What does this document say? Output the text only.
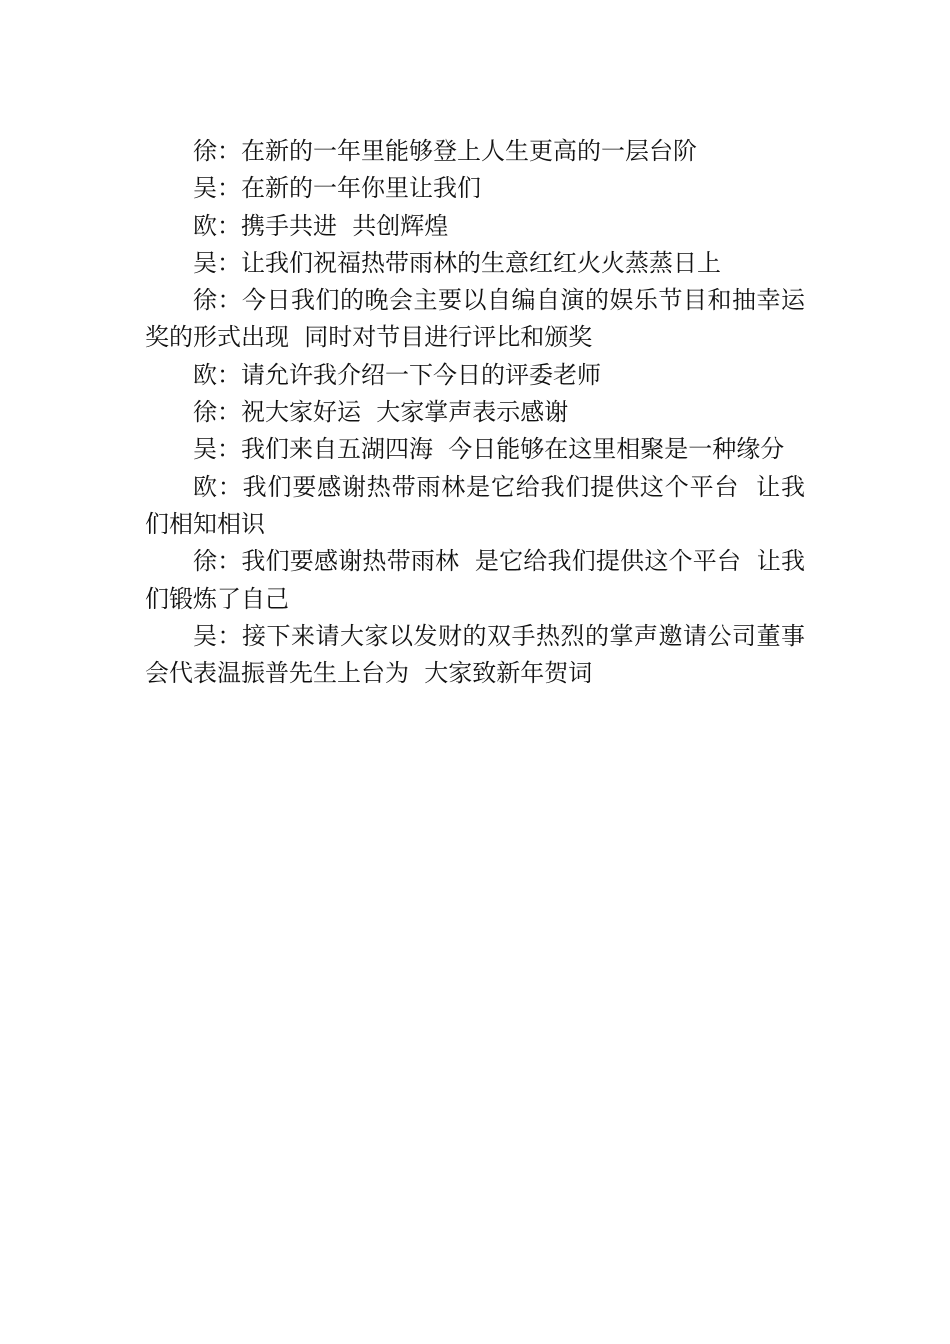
徐：在新的一年里能够登上人生更高的一层台阶

吴：在新的一年你里让我们

欧：携手共进  共创辉煌

吴：让我们祝福热带雨林的生意红红火火蒸蒸日上

徐：今日我们的晚会主要以自编自演的娱乐节目和抽幸运奖的形式出现  同时对节目进行评比和颁奖

欧：请允许我介绍一下今日的评委老师

徐：祝大家好运  大家掌声表示感谢

吴：我们来自五湖四海  今日能够在这里相聚是一种缘分

欧：我们要感谢热带雨林是它给我们提供这个平台  让我们相知相识

徐：我们要感谢热带雨林  是它给我们提供这个平台  让我们锻炼了自己

吴：接下来请大家以发财的双手热烈的掌声邀请公司董事会代表温振普先生上台为  大家致新年贺词
